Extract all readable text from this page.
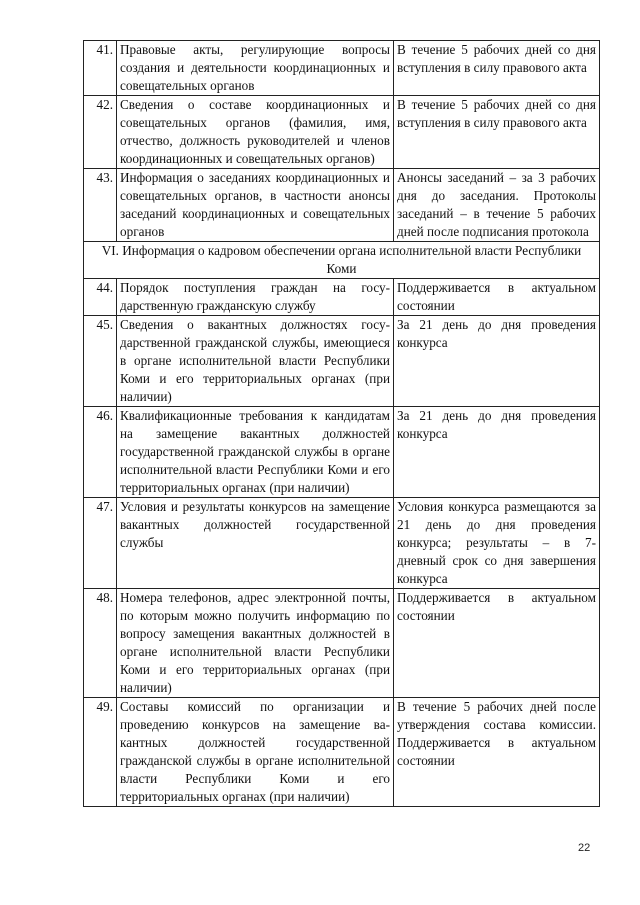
41.	Правовые акты, регулирующие вопросы создания и деятельности координационных и совещательных органов	В течение 5 рабочих дней со дня вступления в силу правового акта
42.	Сведения о составе координационных и совещательных органов (фамилия, имя, отчество, должность руководителей и членов координационных и совещательных органов)	В течение 5 рабочих дней со дня вступления в силу правового акта
43.	Информация о заседаниях координационных и совещательных органов, в частности анонсы заседаний координационных и совещательных органов	Анонсы заседаний – за 3 рабочих дня до заседания. Протоколы заседаний – в течение 5 рабочих дней после подписания протокола
VI. Информация о кадровом обеспечении органа исполнительной власти Республики Коми		
44.	Порядок поступления граждан на государственную гражданскую службу	Поддерживается в актуальном состоянии
45.	Сведения о вакантных должностях государственной гражданской службы, имеющиеся в органе исполнительной власти Республики Коми и его территориальных органах (при наличии)	За 21 день до дня проведения конкурса
46.	Квалификационные требования к кандидатам на замещение вакантных должностей государственной гражданской службы в органе исполнительной власти Республики Коми и его территориальных органах (при наличии)	За 21 день до дня проведения конкурса
47.	Условия и результаты конкурсов на замещение вакантных должностей государственной службы	Условия конкурса размещаются за 21 день до дня проведения конкурса; результаты – в 7-дневный срок со дня завершения конкурса
48.	Номера телефонов, адрес электронной почты, по которым можно получить информацию по вопросу замещения вакантных должностей в органе исполнительной власти Республики Коми и его территориальных органах (при наличии)	Поддерживается в актуальном состоянии
49.	Составы комиссий по организации и проведению конкурсов на замещение вакантных должностей государственной гражданской службы в органе исполнительной власти Республики Коми и его территориальных органах (при наличии)	В течение 5 рабочих дней после утверждения состава комиссии. Поддерживается в актуальном состоянии
22
